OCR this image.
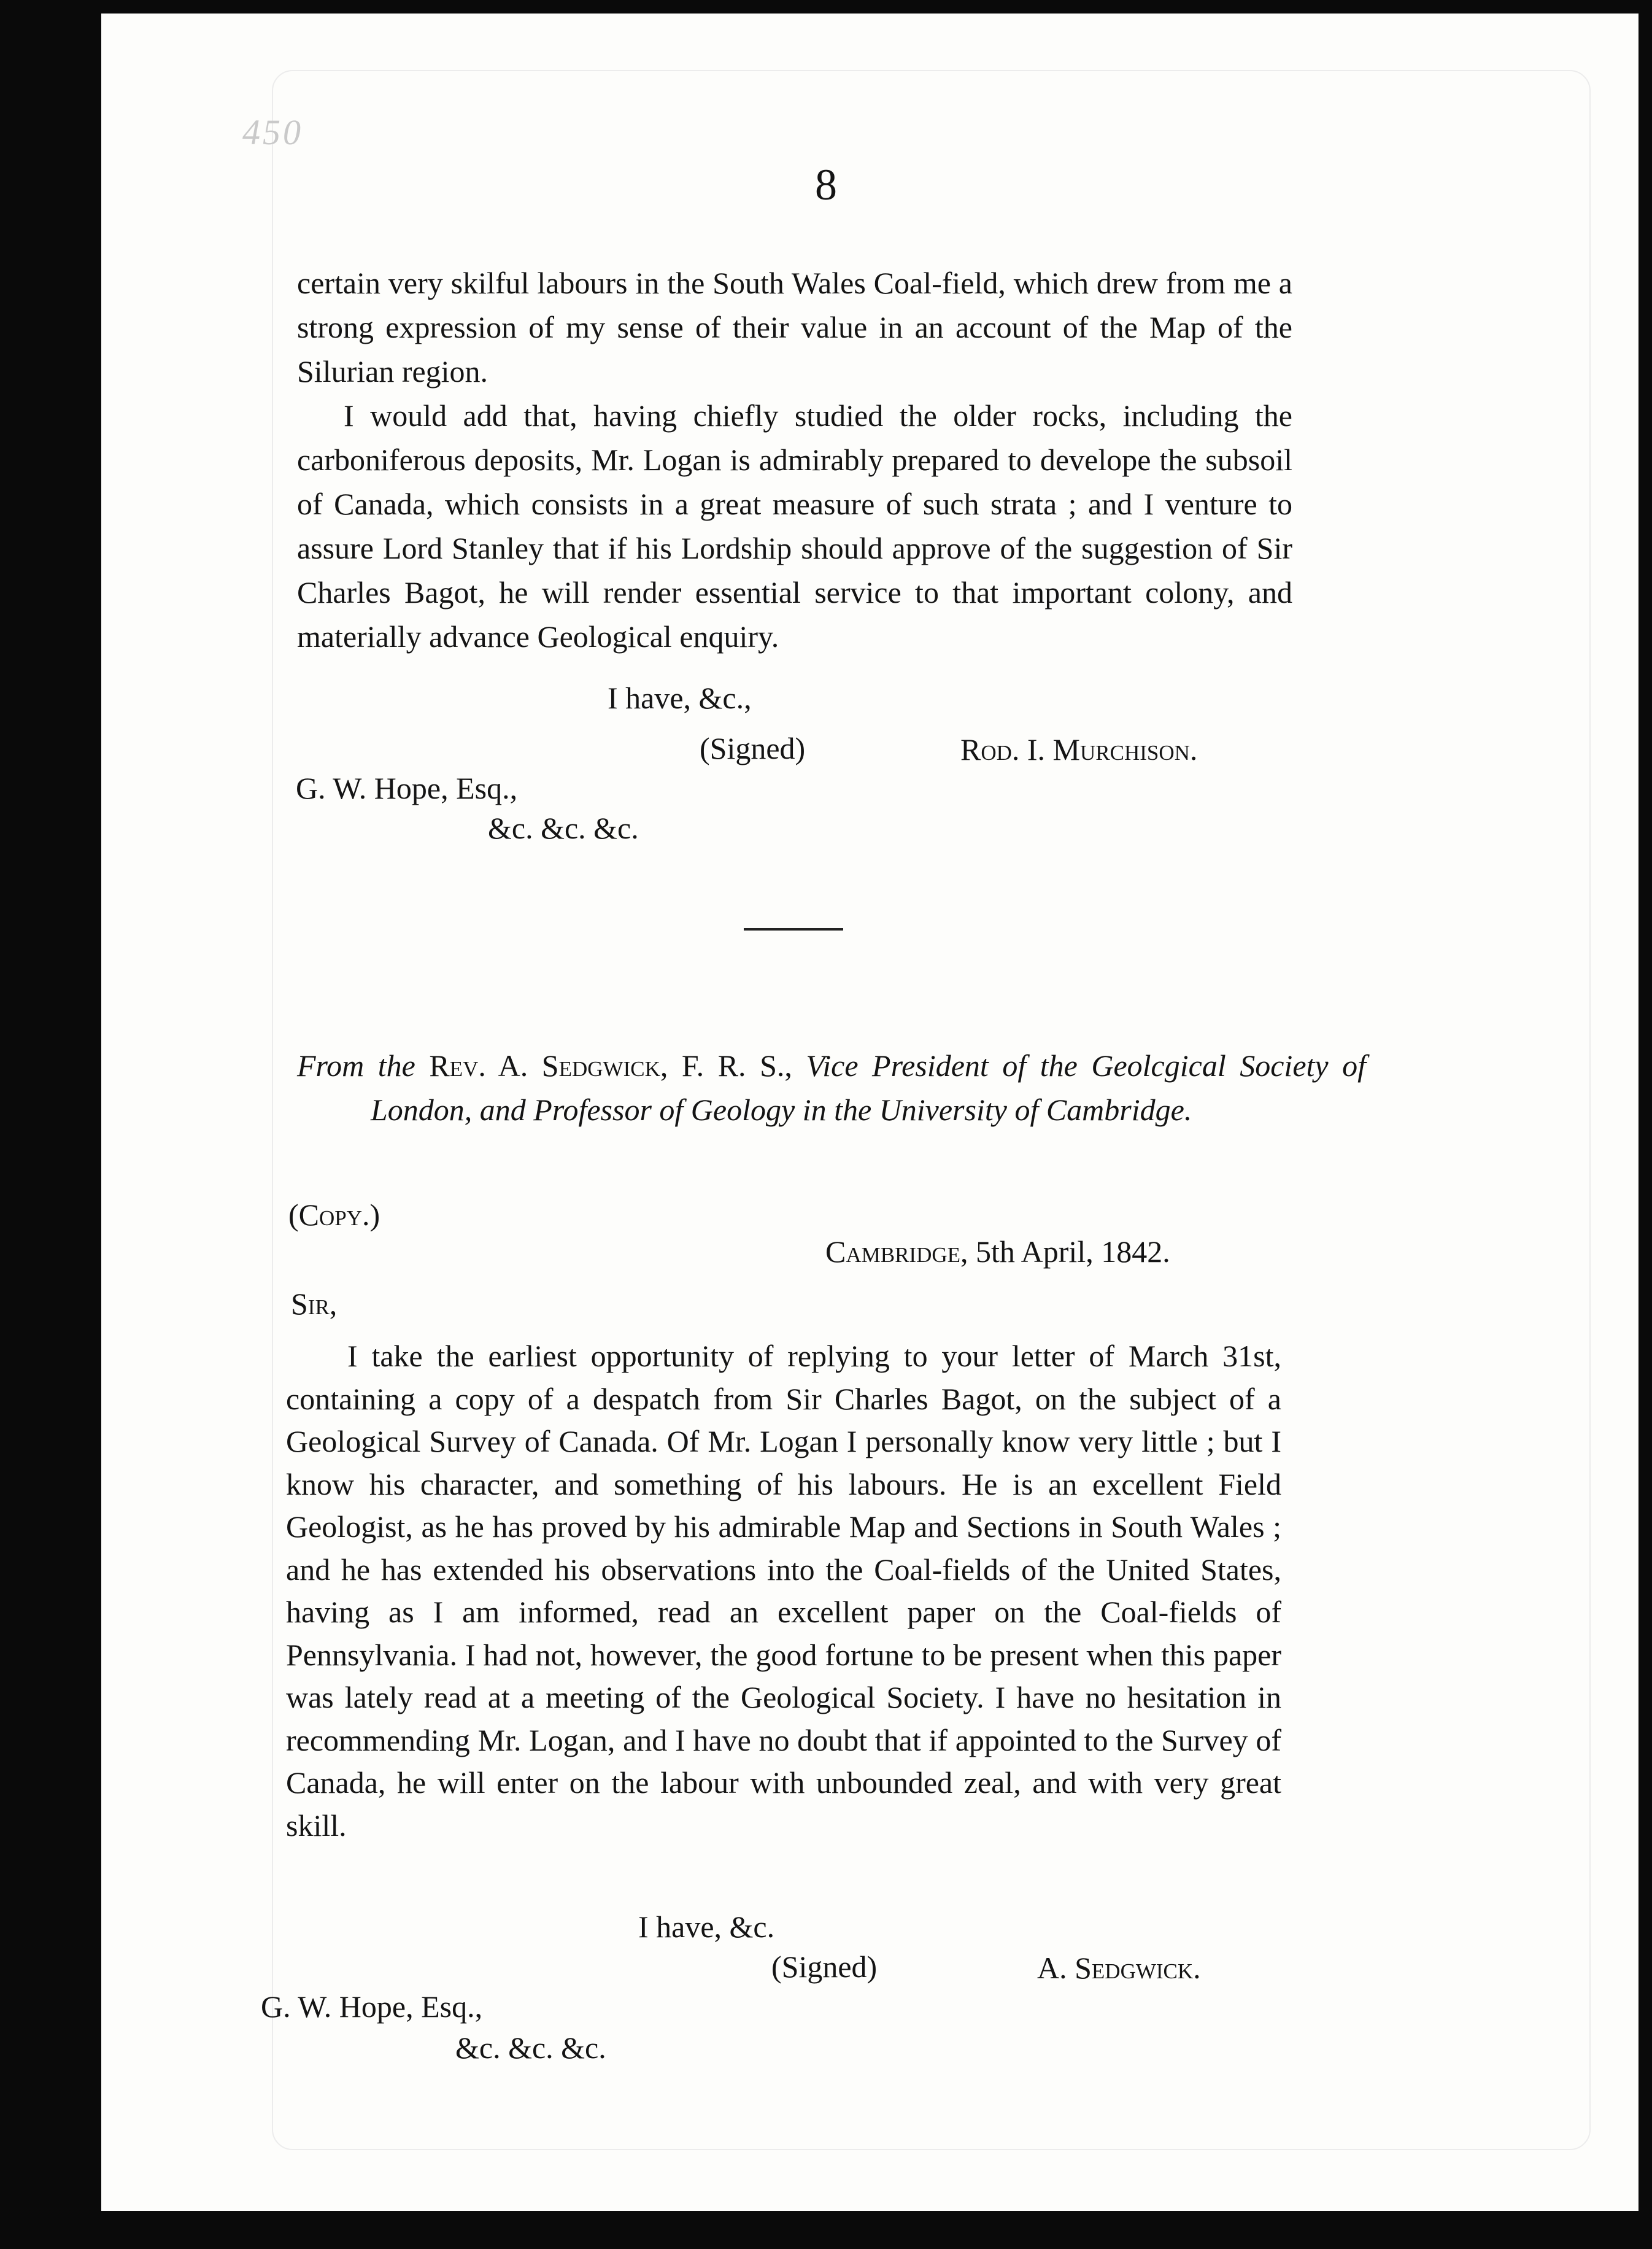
450
8

certain very skilful labours in the South Wales Coal-field, which drew from me a strong expression of my sense of their value in an account of the Map of the Silurian region.

I would add that, having chiefly studied the older rocks, including the carboniferous deposits, Mr. Logan is admirably prepared to develope the subsoil of Canada, which consists in a great measure of such strata ; and I venture to assure Lord Stanley that if his Lordship should approve of the suggestion of Sir Charles Bagot, he will render essential service to that important colony, and materially advance Geological enquiry.

I have, &c.,
(Signed)	Rod. I. Murchison.
G. W. Hope, Esq.,
&c. &c. &c.
From the Rev. A. Sedgwick, F. R. S., Vice President of the Geolcgical Society of London, and Professor of Geology in the University of Cambridge.
(Copy.)
Cambridge, 5th April, 1842.
Sir,

I take the earliest opportunity of replying to your letter of March 31st, containing a copy of a despatch from Sir Charles Bagot, on the subject of a Geological Survey of Canada. Of Mr. Logan I personally know very little ; but I know his character, and something of his labours. He is an excellent Field Geologist, as he has proved by his admirable Map and Sections in South Wales ; and he has extended his observations into the Coal-fields of the United States, having as I am informed, read an excellent paper on the Coal-fields of Pennsylvania. I had not, however, the good fortune to be present when this paper was lately read at a meeting of the Geological Society. I have no hesitation in recommending Mr. Logan, and I have no doubt that if appointed to the Survey of Canada, he will enter on the labour with unbounded zeal, and with very great skill.

I have, &c.
(Signed)	A. Sedgwick.
G. W. Hope, Esq.,
&c. &c. &c.
